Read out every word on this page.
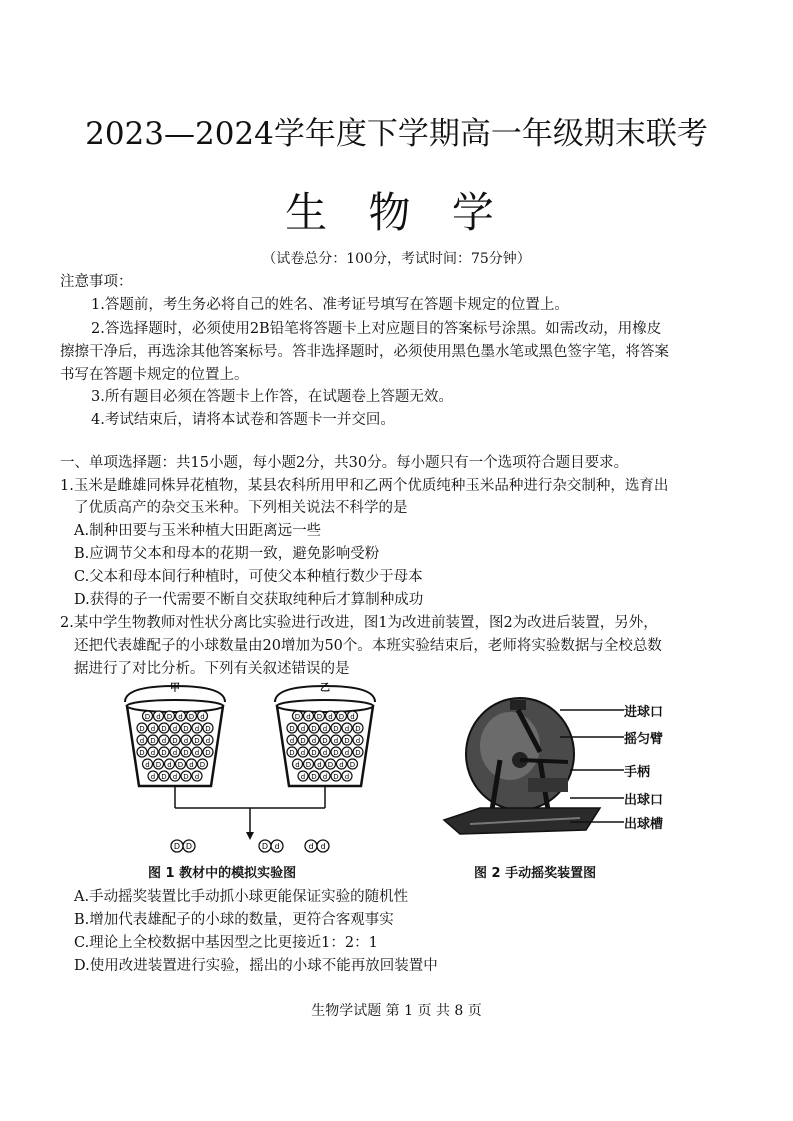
2023—2024学年度下学期高一年级期末联考
生 物 学
（试卷总分：100分，考试时间：75分钟）
注意事项：
1.答题前，考生务必将自己的姓名、准考证号填写在答题卡规定的位置上。
2.答选择题时，必须使用2B铅笔将答题卡上对应题目的答案标号涂黑。如需改动，用橡皮
擦擦干净后，再选涂其他答案标号。答非选择题时，必须使用黑色墨水笔或黑色签字笔，将答案
书写在答题卡规定的位置上。
3.所有题目必须在答题卡上作答，在试题卷上答题无效。
4.考试结束后，请将本试卷和答题卡一并交回。
一、单项选择题：共15小题，每小题2分，共30分。每小题只有一个选项符合题目要求。
1.玉米是雌雄同株异花植物，某县农科所用甲和乙两个优质纯种玉米品种进行杂交制种，选育出
了优质高产的杂交玉米种。下列相关说法不科学的是
A.制种田要与玉米种植大田距离远一些
B.应调节父本和母本的花期一致，避免影响受粉
C.父本和母本间行种植时，可使父本种植行数少于母本
D.获得的子一代需要不断自交获取纯种后才算制种成功
2.某中学生物教师对性状分离比实验进行改进，图1为改进前装置，图2为改进后装置，另外，
还把代表雄配子的小球数量由20增加为50个。本班实验结束后，老师将实验数据与全校总数
据进行了对比分析。下列有关叙述错误的是
D d D d D d
D d D d D d D
d D d D d D d
D d D d D d D
d D d D d D
d D d D d
D d D d D d
D d D d D d D
d D d D d D d
D d D d D d D
d D d D d D
d D d D d
D D	D d	d d
甲	乙
图 1 教材中的模拟实验图
进球口
摇匀臂
手柄
出球口
出球槽
图 2 手动摇奖装置图
A.手动摇奖装置比手动抓小球更能保证实验的随机性
B.增加代表雄配子的小球的数量，更符合客观事实
C.理论上全校数据中基因型之比更接近1：2：1
D.使用改进装置进行实验，摇出的小球不能再放回装置中
生物学试题 第 1 页 共 8 页
